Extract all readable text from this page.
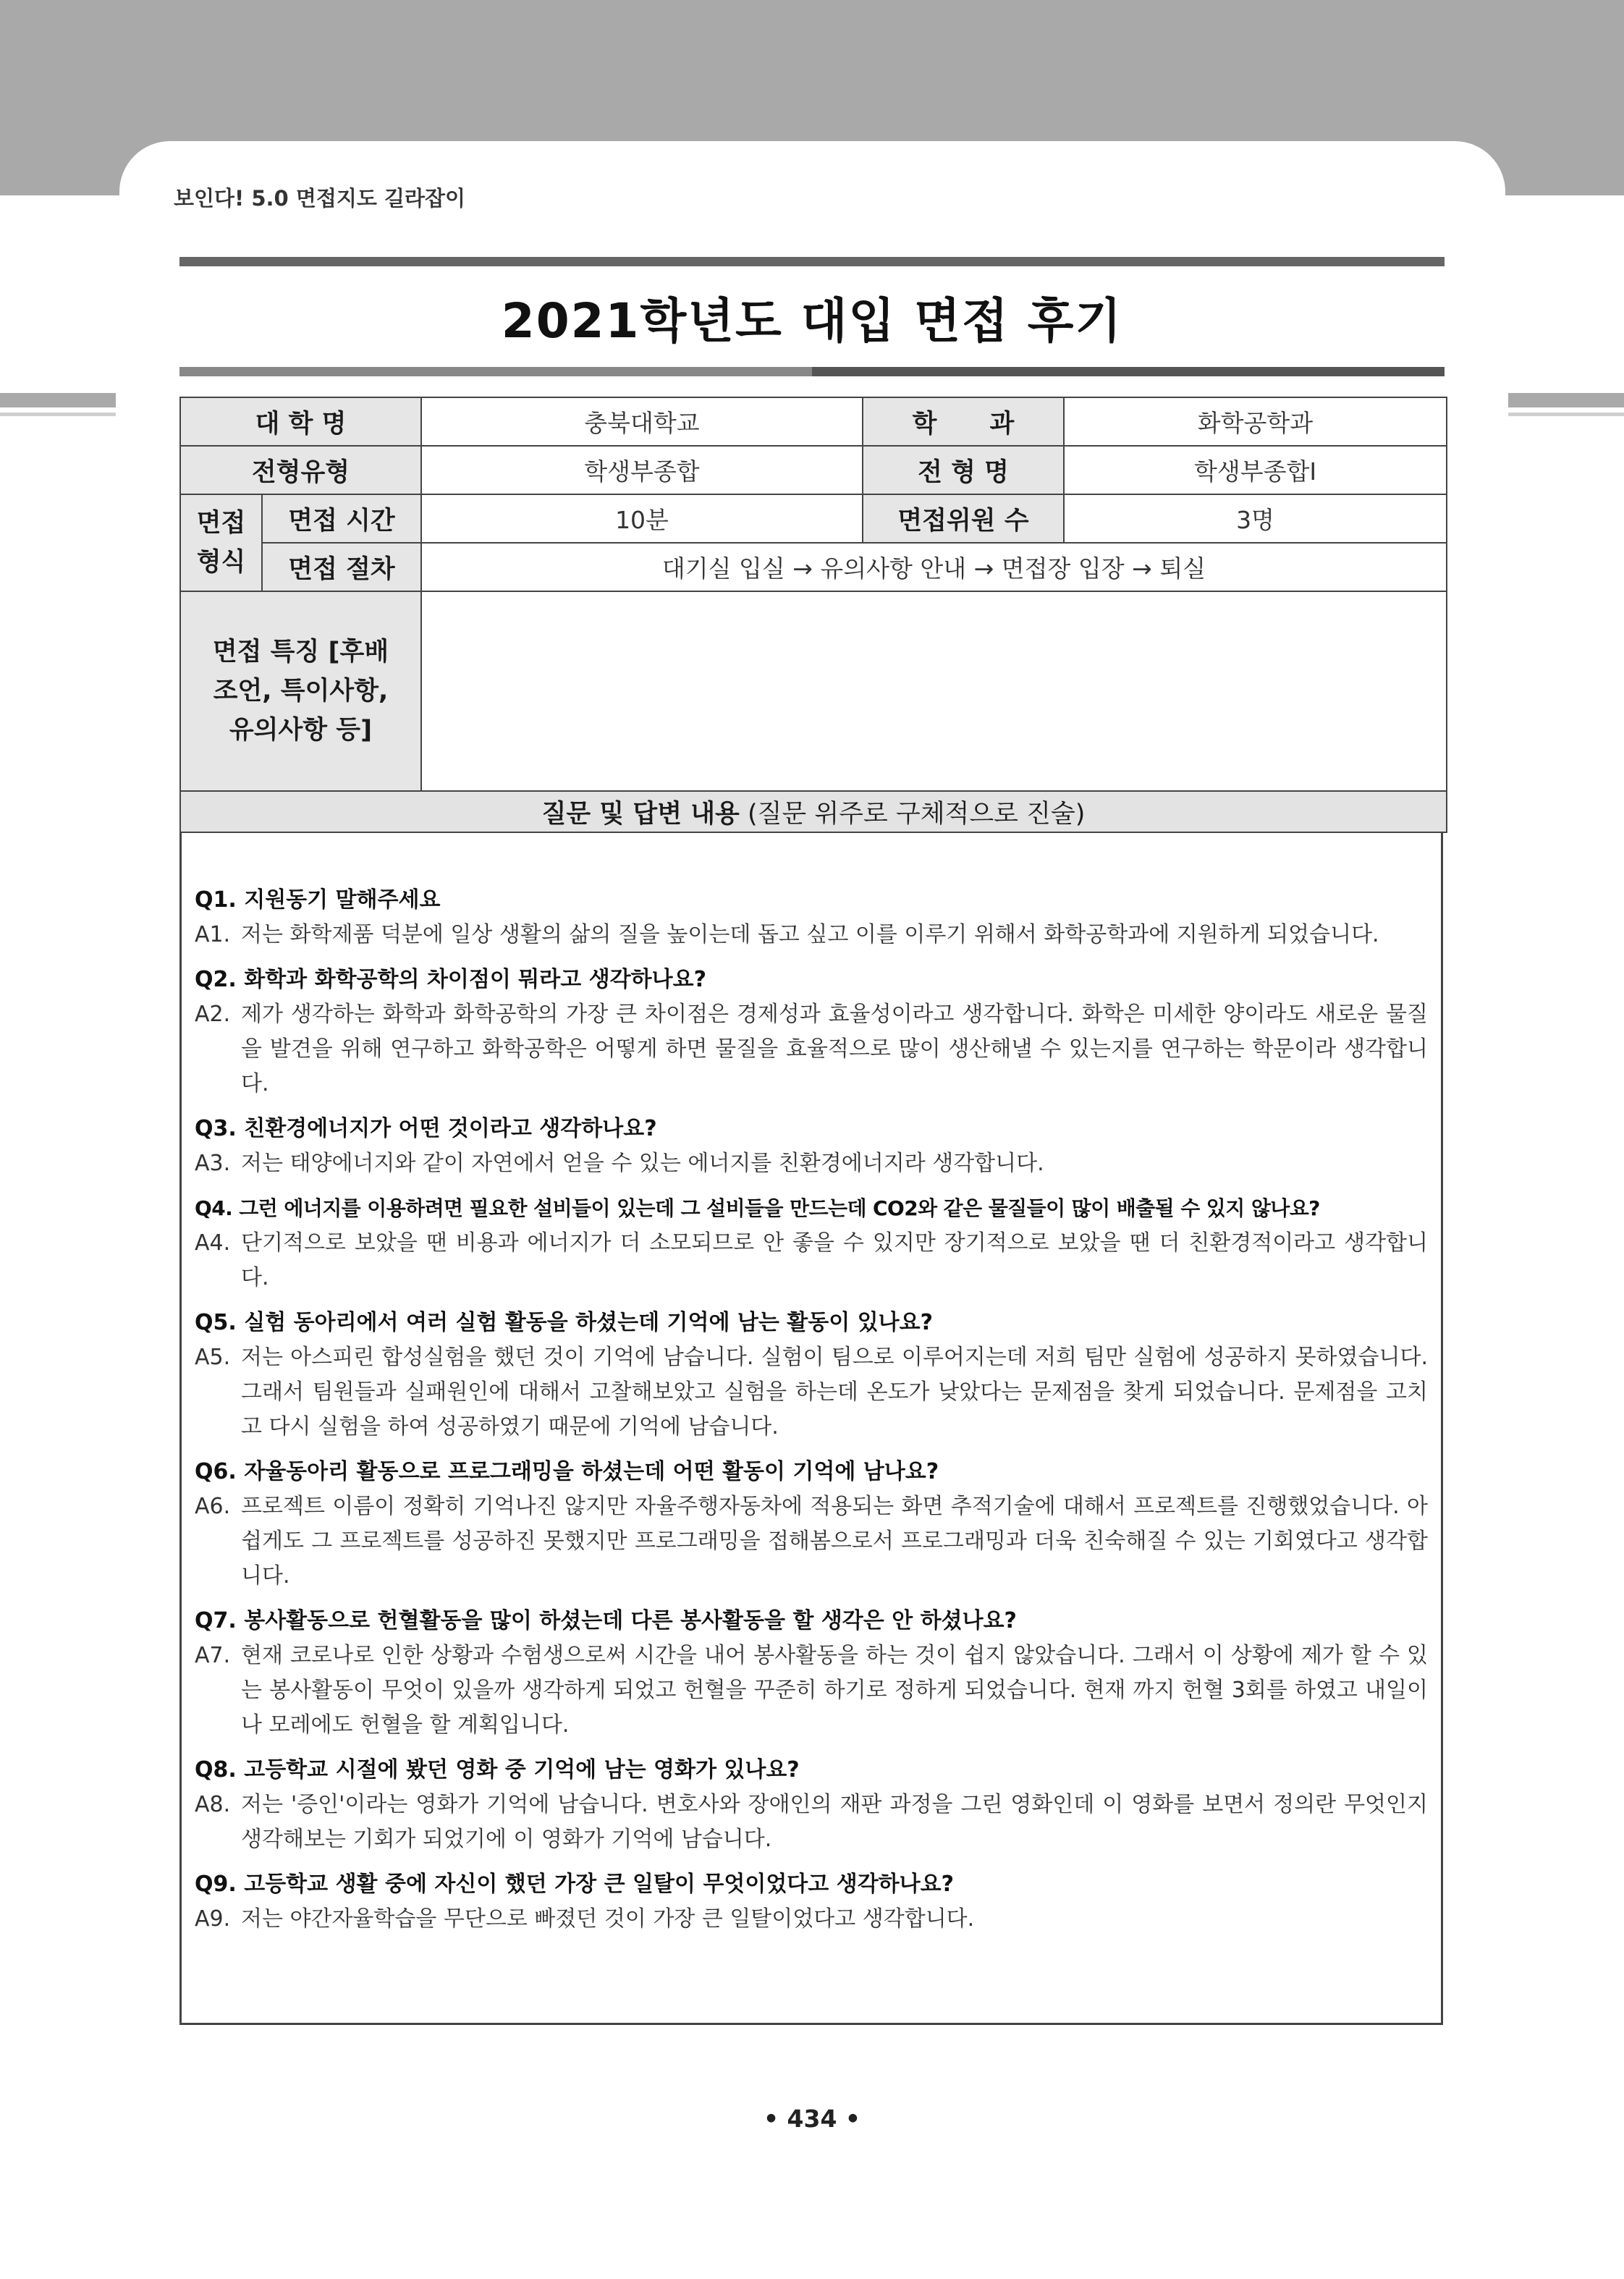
보인다! 5.0 면접지도 길라잡이
2021학년도 대입 면접 후기
대 학 명		충북대학교	학      과	화학공학과
전형유형		학생부종합	전 형 명	학생부종합Ⅰ
면접 형식	면접 시간	10분	면접위원 수	3명
	면접 절차	대기실 입실 → 유의사항 안내 → 면접장 입장 → 퇴실		
면접 특징 [후배조언, 특이사항, 유의사항 등]				
질문 및 답변 내용 (질문 위주로 구체적으로 진술)				
Q1. 지원동기 말해주세요
A1. 저는 화학제품 덕분에 일상 생활의 삶의 질을 높이는데 돕고 싶고 이를 이루기 위해서 화학공학과에 지원하게 되었습니다.
Q2. 화학과 화학공학의 차이점이 뭐라고 생각하나요?
A2. 제가 생각하는 화학과 화학공학의 가장 큰 차이점은 경제성과 효율성이라고 생각합니다. 화학은 미세한 양이라도 새로운 물질을 발견을 위해 연구하고 화학공학은 어떻게 하면 물질을 효율적으로 많이 생산해낼 수 있는지를 연구하는 학문이라 생각합니다.
Q3. 친환경에너지가 어떤 것이라고 생각하나요?
A3. 저는 태양에너지와 같이 자연에서 얻을 수 있는 에너지를 친환경에너지라 생각합니다.
Q4. 그런 에너지를 이용하려면 필요한 설비들이 있는데 그 설비들을 만드는데 CO2와 같은 물질들이 많이 배출될 수 있지 않나요?
A4. 단기적으로 보았을 땐 비용과 에너지가 더 소모되므로 안 좋을 수 있지만 장기적으로 보았을 땐 더 친환경적이라고 생각합니다.
Q5. 실험 동아리에서 여러 실험 활동을 하셨는데 기억에 남는 활동이 있나요?
A5. 저는 아스피린 합성실험을 했던 것이 기억에 남습니다. 실험이 팀으로 이루어지는데 저희 팀만 실험에 성공하지 못하였습니다. 그래서 팀원들과 실패원인에 대해서 고찰해보았고 실험을 하는데 온도가 낮았다는 문제점을 찾게 되었습니다. 문제점을 고치고 다시 실험을 하여 성공하였기 때문에 기억에 남습니다.
Q6. 자율동아리 활동으로 프로그래밍을 하셨는데 어떤 활동이 기억에 남나요?
A6. 프로젝트 이름이 정확히 기억나진 않지만 자율주행자동차에 적용되는 화면 추적기술에 대해서 프로젝트를 진행했었습니다. 아쉽게도 그 프로젝트를 성공하진 못했지만 프로그래밍을 접해봄으로서 프로그래밍과 더욱 친숙해질 수 있는 기회였다고 생각합니다.
Q7. 봉사활동으로 헌혈활동을 많이 하셨는데 다른 봉사활동을 할 생각은 안 하셨나요?
A7. 현재 코로나로 인한 상황과 수험생으로써 시간을 내어 봉사활동을 하는 것이 쉽지 않았습니다. 그래서 이 상황에 제가 할 수 있는 봉사활동이 무엇이 있을까 생각하게 되었고 헌혈을 꾸준히 하기로 정하게 되었습니다. 현재 까지 헌혈 3회를 하였고 내일이나 모레에도 헌혈을 할 계획입니다.
Q8. 고등학교 시절에 봤던 영화 중 기억에 남는 영화가 있나요?
A8. 저는 '증인'이라는 영화가 기억에 남습니다. 변호사와 장애인의 재판 과정을 그린 영화인데 이 영화를 보면서 정의란 무엇인지 생각해보는 기회가 되었기에 이 영화가 기억에 남습니다.
Q9. 고등학교 생활 중에 자신이 했던 가장 큰 일탈이 무엇이었다고 생각하나요?
A9. 저는 야간자율학습을 무단으로 빠졌던 것이 가장 큰 일탈이었다고 생각합니다.
• 434 •
